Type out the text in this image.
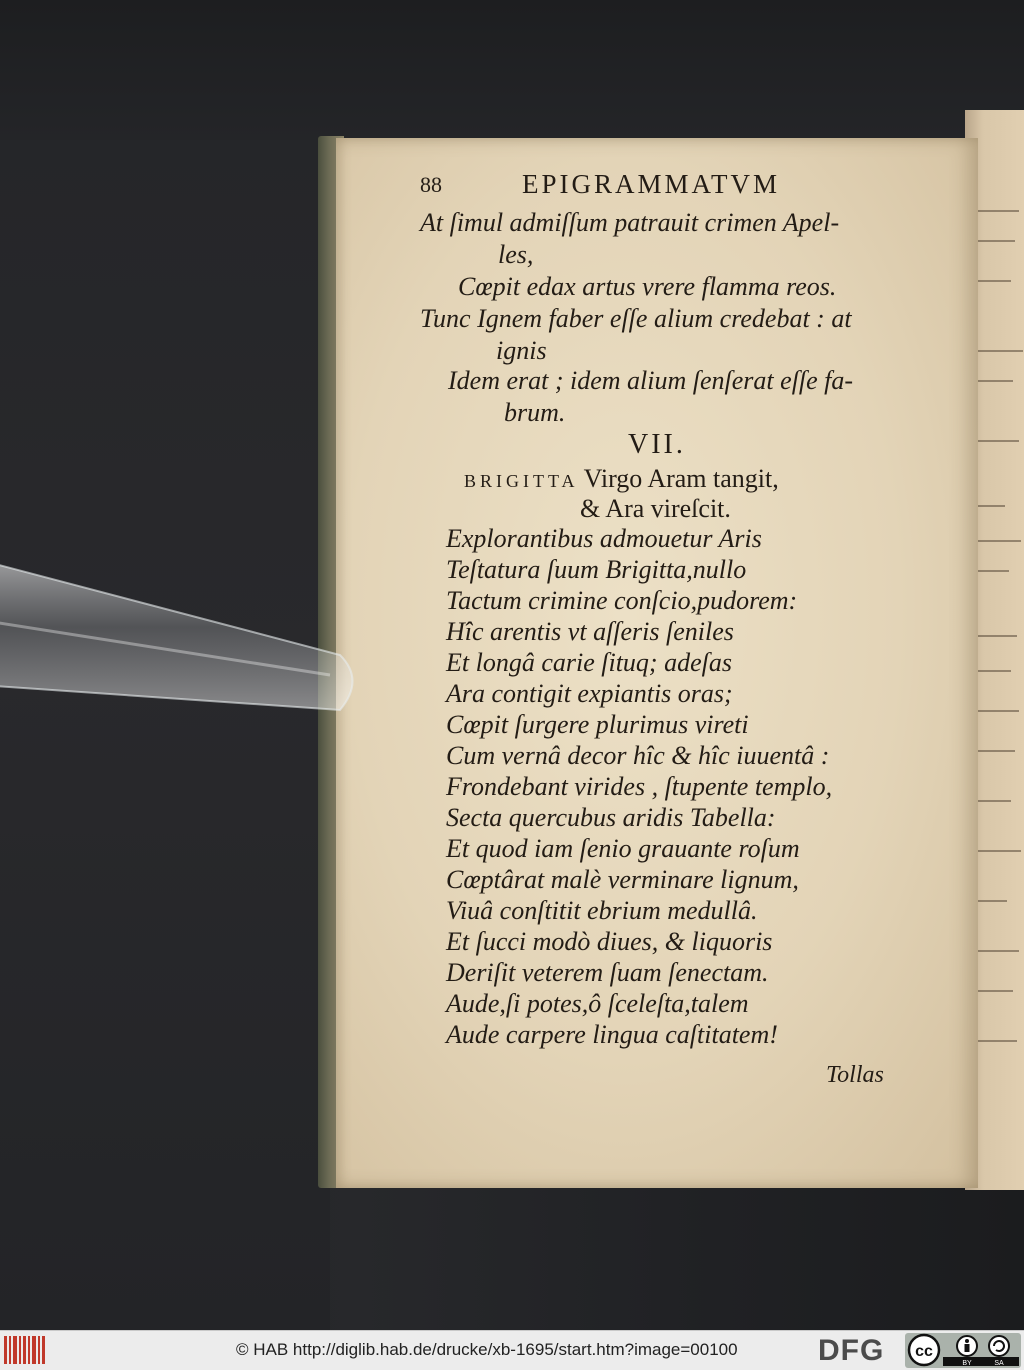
88	EPIGRAMMATVM
At ſimul admiſſum patrauit crimen Apel-
les,
Cœpit edax artus vrere flamma reos.
Tunc Ignem faber eſſe alium credebat : at
ignis
Idem erat ; idem alium ſenſerat eſſe fa-
brum.
VII.
BRIGITTA Virgo Aram tangit,
& Ara vireſcit.
Explorantibus admouetur Aris
Teſtatura ſuum Brigitta,nullo
Tactum crimine conſcio,pudorem:
Hîc arentis vt aſſeris ſeniles
Et longâ carie ſituq; adeſas
Ara contigit expiantis oras;
Cœpit ſurgere plurimus vireti
Cum vernâ decor hîc & hîc iuuentâ :
Frondebant virides , ſtupente templo,
Secta quercubus aridis Tabella:
Et quod iam ſenio grauante roſum
Cœptârat malè verminare lignum,
Viuâ conſtitit ebrium medullâ.
Et ſucci modò diues, & liquoris
Deriſit veterem ſuam ſenectam.
Aude,ſi potes,ô ſceleſta,talem
Aude carpere lingua caſtitatem!
Tollas
© HAB http://diglib.hab.de/drucke/xb-1695/start.htm?image=00100	DFG cc
BY	SA
